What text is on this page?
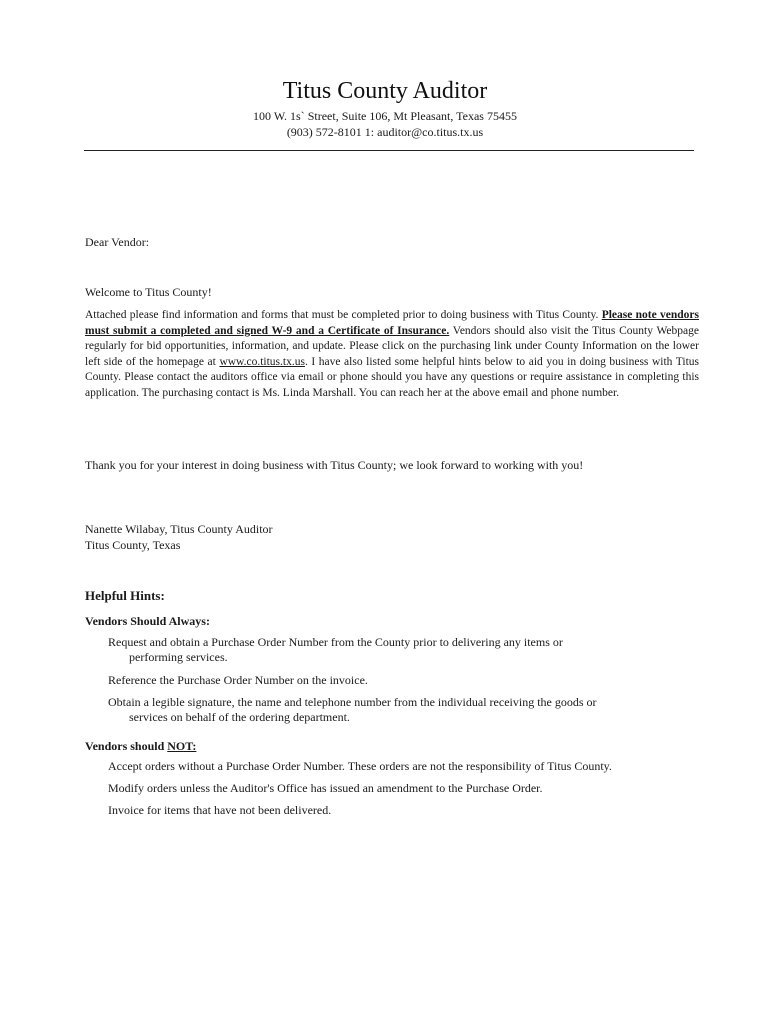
Titus County Auditor
100 W. 1s` Street, Suite 106, Mt Pleasant, Texas 75455
(903) 572-8101 1: auditor@co.titus.tx.us
Dear Vendor:
Welcome to Titus County!
Attached please find information and forms that must be completed prior to doing business with Titus County. Please note vendors must submit a completed and signed W-9 and a Certificate of Insurance. Vendors should also visit the Titus County Webpage regularly for bid opportunities, information, and update. Please click on the purchasing link under County Information on the lower left side of the homepage at www.co.titus.tx.us. I have also listed some helpful hints below to aid you in doing business with Titus County. Please contact the auditors office via email or phone should you have any questions or require assistance in completing this application. The purchasing contact is Ms. Linda Marshall. You can reach her at the above email and phone number.
Thank you for your interest in doing business with Titus County; we look forward to working with you!
Nanette Wilabay, Titus County Auditor
Titus County, Texas
Helpful Hints:
Vendors Should Always:
Request and obtain a Purchase Order Number from the County prior to delivering any items or
performing services.
Reference the Purchase Order Number on the invoice.
Obtain a legible signature, the name and telephone number from the individual receiving the goods or
services on behalf of the ordering department.
Vendors should NOT:
Accept orders without a Purchase Order Number. These orders are not the responsibility of Titus County.
Modify orders unless the Auditor's Office has issued an amendment to the Purchase Order.
Invoice for items that have not been delivered.
